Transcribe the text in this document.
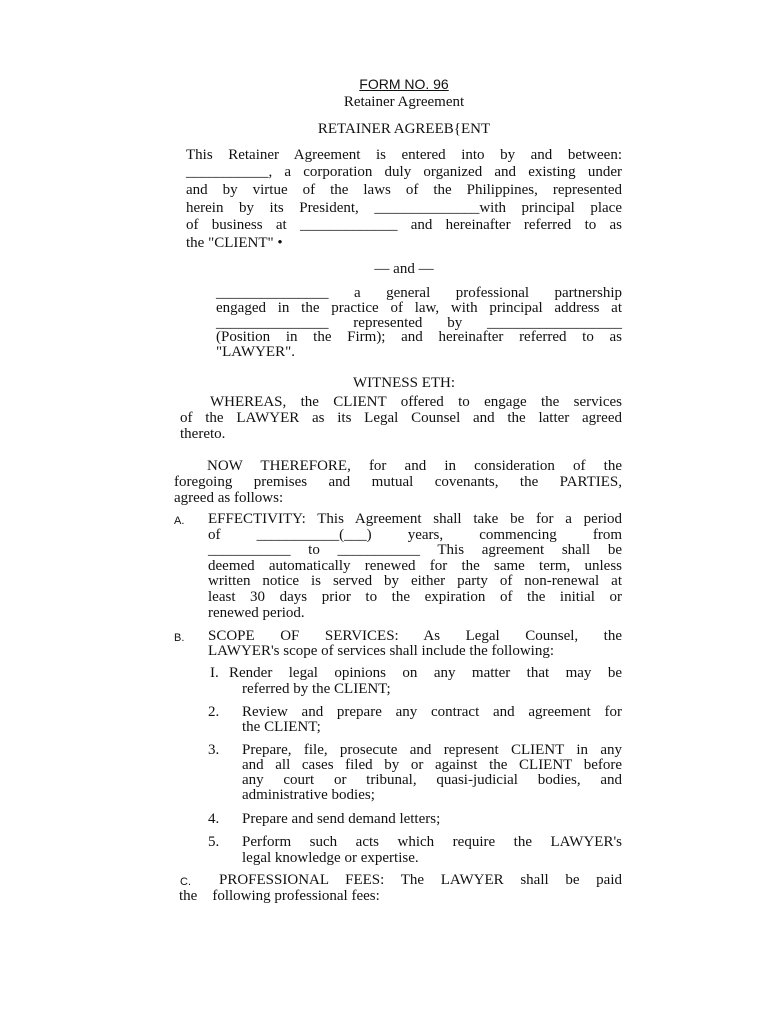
FORM NO. 96
Retainer Agreement
RETAINER AGREEB{ENT
This Retainer Agreement is entered into by and between:
___________, a corporation duly organized and existing under
and by virtue of the laws of the Philippines, represented
herein by its President, ______________with principal place
of business at _____________ and hereinafter referred to as
the "CLIENT" •
— and —
_______________ a general professional partnership
engaged in the practice of law, with principal address at
_______________ represented by __________________
(Position in the Firm); and hereinafter referred to as
"LAWYER".
WITNESS ETH:
WHEREAS, the CLIENT offered to engage the services
of the LAWYER as its Legal Counsel and the latter agreed
thereto.
NOW THEREFORE, for and in consideration of the
foregoing premises and mutual covenants, the PARTIES,
agreed as follows:
A. EFFECTIVITY: This Agreement shall take be for a period
of ___________(___) years, commencing from
___________ to ___________ This agreement shall be
deemed automatically renewed for the same term, unless
written notice is served by either party of non-renewal at
least 30 days prior to the expiration of the initial or
renewed period.
B. SCOPE OF SERVICES: As Legal Counsel, the
LAWYER's scope of services shall include the following:
I. Render legal opinions on any matter that may be
referred by the CLIENT;
2. Review and prepare any contract and agreement for
the CLIENT;
3. Prepare, file, prosecute and represent CLIENT in any
and all cases filed by or against the CLIENT before
any court or tribunal, quasi-judicial bodies, and
administrative bodies;
4. Prepare and send demand letters;
5. Perform such acts which require the LAWYER's
legal knowledge or expertise.
C. PROFESSIONAL FEES: The LAWYER shall be paid
the    following professional fees:
